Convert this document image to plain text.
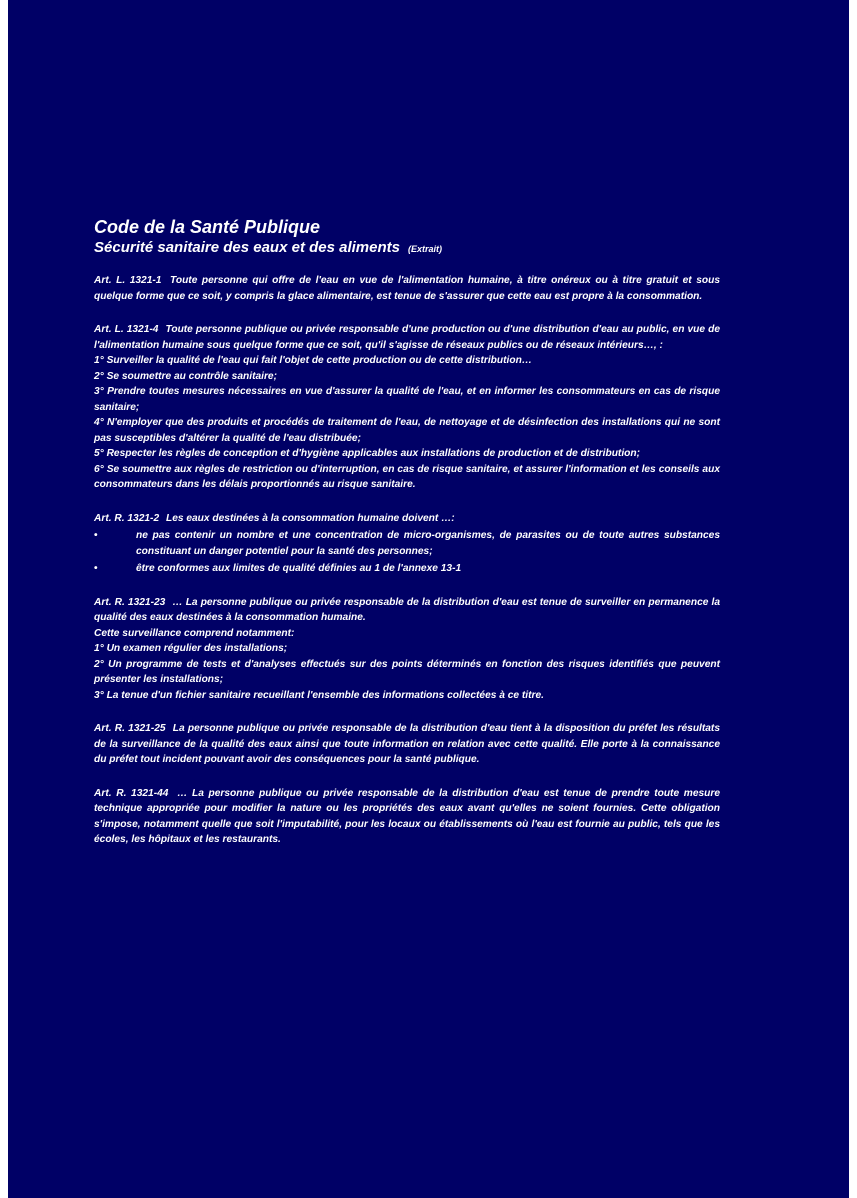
Code de la Santé Publique
Sécurité sanitaire des eaux et des aliments (Extrait)

Art. L. 1321-1 Toute personne qui offre de l'eau en vue de l'alimentation humaine, à titre onéreux ou à titre gratuit et sous quelque forme que ce soit, y compris la glace alimentaire, est tenue de s'assurer que cette eau est propre à la consommation.

Art. L. 1321-4 Toute personne publique ou privée responsable d'une production ou d'une distribution d'eau au public, en vue de l'alimentation humaine sous quelque forme que ce soit, qu'il s'agisse de réseaux publics ou de réseaux intérieurs…, :
1° Surveiller la qualité de l'eau qui fait l'objet de cette production ou de cette distribution…
2° Se soumettre au contrôle sanitaire;
3° Prendre toutes mesures nécessaires en vue d'assurer la qualité de l'eau, et en informer les consommateurs en cas de risque sanitaire;
4° N'employer que des produits et procédés de traitement de l'eau, de nettoyage et de désinfection des installations qui ne sont pas susceptibles d'altérer la qualité de l'eau distribuée;
5° Respecter les règles de conception et d'hygiène applicables aux installations de production et de distribution;
6° Se soumettre aux règles de restriction ou d'interruption, en cas de risque sanitaire, et assurer l'information et les conseils aux consommateurs dans les délais proportionnés au risque sanitaire.
Art. R. 1321-2 Les eaux destinées à la consommation humaine doivent …:
•	ne pas contenir un nombre et une concentration de micro-organismes, de parasites ou de toute autres substances constituant un danger potentiel pour la santé des personnes;
•	être conformes aux limites de qualité définies au 1 de l'annexe 13-1
Art. R. 1321-23 … La personne publique ou privée responsable de la distribution d'eau est tenue de surveiller en permanence la qualité des eaux destinées à la consommation humaine.
Cette surveillance comprend notamment:
1° Un examen régulier des installations;
2° Un programme de tests et d'analyses effectués sur des points déterminés en fonction des risques identifiés que peuvent présenter les installations;
3° La tenue d'un fichier sanitaire recueillant l'ensemble des informations collectées à ce titre.

Art. R. 1321-25 La personne publique ou privée responsable de la distribution d'eau tient à la disposition du préfet les résultats de la surveillance de la qualité des eaux ainsi que toute information en relation avec cette qualité. Elle porte à la connaissance du préfet tout incident pouvant avoir des conséquences pour la santé publique.

Art. R. 1321-44 … La personne publique ou privée responsable de la distribution d'eau est tenue de prendre toute mesure technique appropriée pour modifier la nature ou les propriétés des eaux avant qu'elles ne soient fournies. Cette obligation s'impose, notamment quelle que soit l'imputabilité, pour les locaux ou établissements où l'eau est fournie au public, tels que les écoles, les hôpitaux et les restaurants.
